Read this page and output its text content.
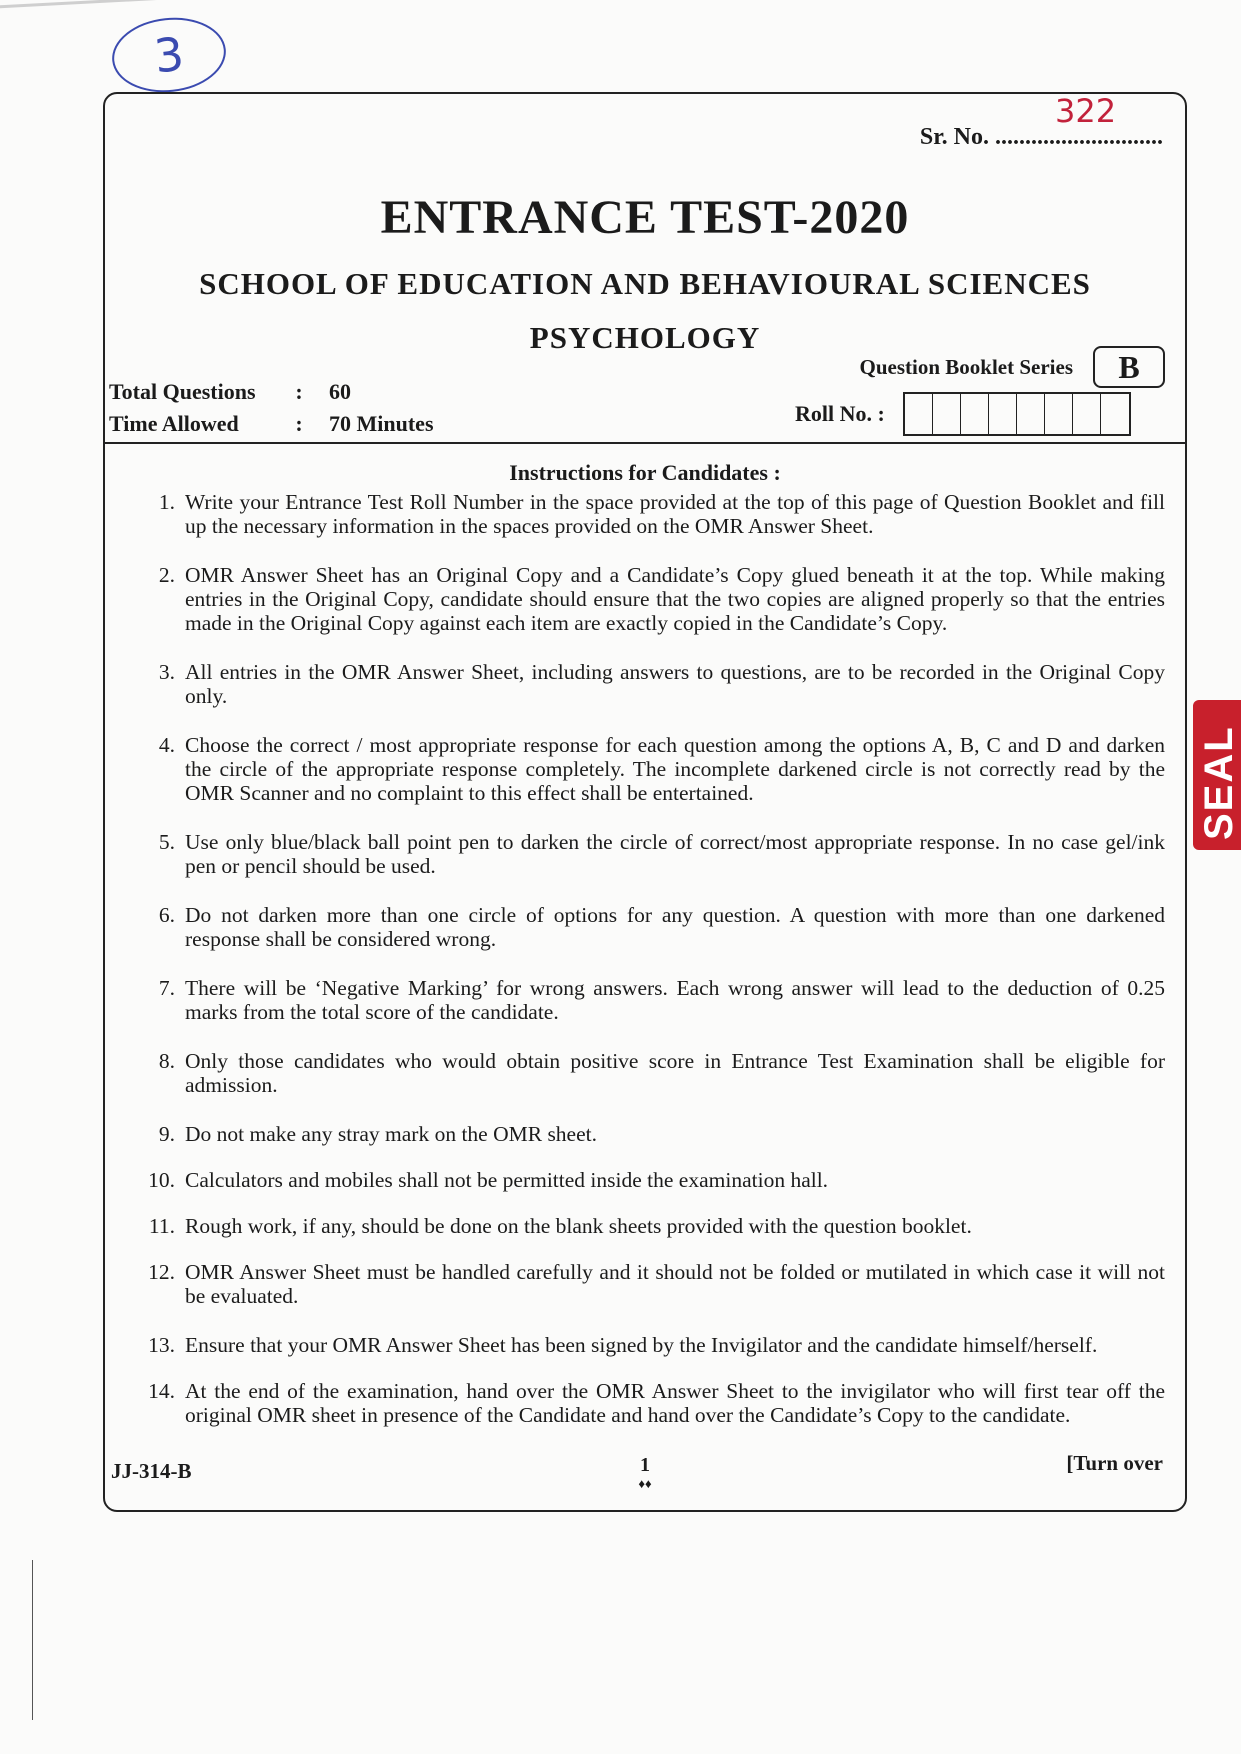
3
SEAL
322
Sr. No. ............................
ENTRANCE TEST-2020
SCHOOL OF EDUCATION AND BEHAVIOURAL SCIENCES
PSYCHOLOGY
Question Booklet Series	B
Total Questions	:	60
Time Allowed	:	70 Minutes	Roll No. :
Instructions for Candidates :
1. Write your Entrance Test Roll Number in the space provided at the top of this page of Question Booklet and fill up the necessary information in the spaces provided on the OMR Answer Sheet.
2. OMR Answer Sheet has an Original Copy and a Candidate’s Copy glued beneath it at the top. While making entries in the Original Copy, candidate should ensure that the two copies are aligned properly so that the entries made in the Original Copy against each item are exactly copied in the Candidate’s Copy.
3. All entries in the OMR Answer Sheet, including answers to questions, are to be recorded in the Original Copy only.
4. Choose the correct / most appropriate response for each question among the options A, B, C and D and darken the circle of the appropriate response completely. The incomplete darkened circle is not correctly read by the OMR Scanner and no complaint to this effect shall be entertained.
5. Use only blue/black ball point pen to darken the circle of correct/most appropriate response. In no case gel/ink pen or pencil should be used.
6. Do not darken more than one circle of options for any question. A question with more than one darkened response shall be considered wrong.
7. There will be ‘Negative Marking’ for wrong answers. Each wrong answer will lead to the deduction of 0.25 marks from the total score of the candidate.
8. Only those candidates who would obtain positive score in Entrance Test Examination shall be eligible for admission.
9. Do not make any stray mark on the OMR sheet.
10. Calculators and mobiles shall not be permitted inside the examination hall.
11. Rough work, if any, should be done on the blank sheets provided with the question booklet.
12. OMR Answer Sheet must be handled carefully and it should not be folded or mutilated in which case it will not be evaluated.
13. Ensure that your OMR Answer Sheet has been signed by the Invigilator and the candidate himself/herself.
14. At the end of the examination, hand over the OMR Answer Sheet to the invigilator who will first tear off the original OMR sheet in presence of the Candidate and hand over the Candidate’s Copy to the candidate.
JJ-314-B	1
♦♦
[Turn over
